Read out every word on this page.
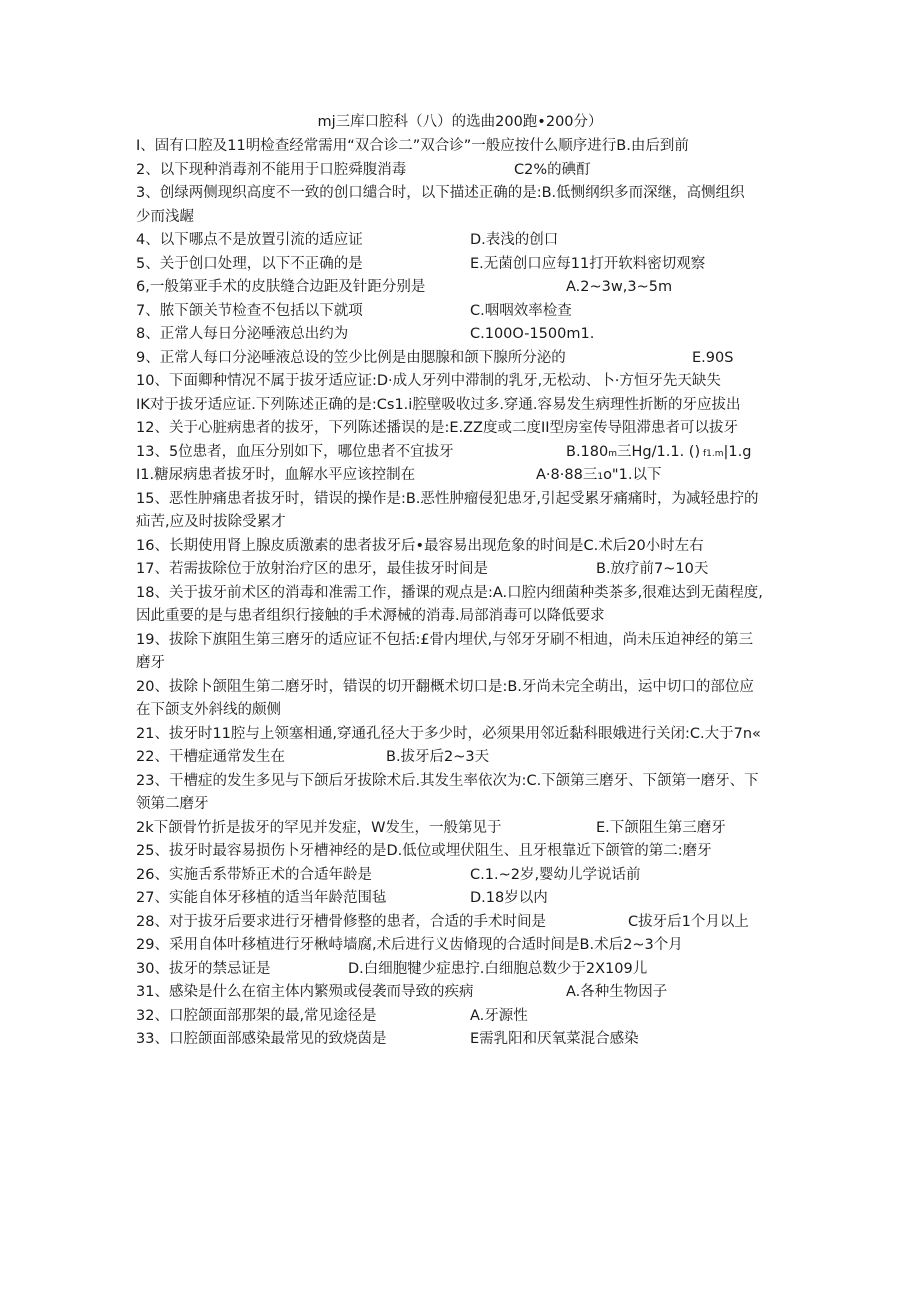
mj三库口腔科（八）的选曲200跑•200分）
I、固有口腔及11明检查经常需用“双合诊二”双合诊”一般应按什么顺序进行B.由后到前
2、以下现种消毒剂不能用于口腔舜腹消毒	C2%的碘酊
3、创绿两侧现织高度不一致的创口缱合时，以下描述正确的是:B.低恻纲织多而深继，高恻组织
少而浅龌
4、以下哪点不是放置引流的适应证	D.表浅的创口
5、关于创口处理，以下不正确的是	E.无菌创口应每11打开软料密切观察
6,一般第亚手术的皮肤缝合边距及针距分别是	A.2~3w,3~5m
7、脓下颌关节检查不包括以下就项	C.咽咽效率检查
8、正常人每日分泌唾液总出约为	C.100O-1500m1.
9、正常人每口分泌唾液总设的笠少比例是由腮腺和颌下腺所分泌的	E.90S
10、下面卿种情况不属于拔牙适应证:D·成人牙列中滞制的乳牙,无松动、卜·方恒牙先天缺失
IK对于拔牙适应证.下列陈述正确的是:Cs1.i腔壁吸收过多.穿通.容易发生病理性折断的牙应拔出
12、关于心脏病患者的拔牙，下列陈述播误的是:E.ZZ度或二度II型房室传导阻滞患者可以拔牙
13、5位患者，血压分别如下，哪位患者不宜拔牙	B.180m三Hg/1.1. () f1.m|1.g
I1.糖尿病患者拔牙时，血解水平应该控制在	A·8·88三1o"1.以下
15、恶性肿痛患者拔牙时，错误的操作是:B.恶性肿瘤侵犯患牙,引起受累牙痛痛时，为减轻患拧的
疝苦,应及时拔除受累才
16、长期使用肾上腺皮质激素的患者拔牙后•最容易出现危象的时间是C.术后20小时左右
17、若需拔除位于放射治疗区的患牙，最佳拔牙时间是	B.放疗前7~10天
18、关于拔牙前术区的消毒和准需工作，播课的观点是:A.口腔内细菌种类茶多,很难达到无菌程度,
因此重要的是与患者组织行接触的手术溽械的消毒.局部消毒可以降低要求
19、拔除下旗阻生第三磨牙的适应证不包括:£骨内埋伏,与邻牙牙刷不相迪，尚未压迫神经的第三
磨牙
20、拔除卜颌阻生第二磨牙时，错误的切开翻概术切口是:B.牙尚未完全萌出，运中切口的部位应
在下颌支外斜线的颇侧
21、拔牙时11腔与上领塞相通,穿通孔径大于多少时，必须果用邻近黏科眼娥进行关闭:C.大于7n«
22、干槽症通常发生在	B.拔牙后2~3天
23、干槽症的发生多见与下颌后牙拔除术后.其发生率依次为:C.下颌第三磨牙、下颌第一磨牙、下
领第二磨牙
2k下颌骨竹折是拔牙的罕见并发症，W发生，一般第见于	E.下颌阻生第三磨牙
25、拔牙时最容易损伤卜牙槽神经的是D.低位或埋伏阻生、且牙根靠近下颌管的第二:磨牙
26、实施舌系带矫正术的合适年龄是	C.1.~2岁,婴幼儿学说话前
27、实能自体牙移植的适当年龄范围毡	D.18岁以内
28、对于拔牙后要求进行牙槽骨修整的患者，合适的手术时间是	C拔牙后1个月以上
29、采用自体叶移植进行牙楸峙墙腐,术后进行义齿脩现的合适时间是B.术后2~3个月
30、拔牙的禁忌证是	D.白细胞犍少症患拧.白细胞总数少于2X109儿
31、感染是什么在宿主体内繁殒或侵袭而导致的疾病	A.各种生物因子
32、口腔颌面部那架的最,常见途径是	A.牙源性
33、口腔颌面部感染最常见的致烧茵是	E需乳阳和厌氧菜混合感染
